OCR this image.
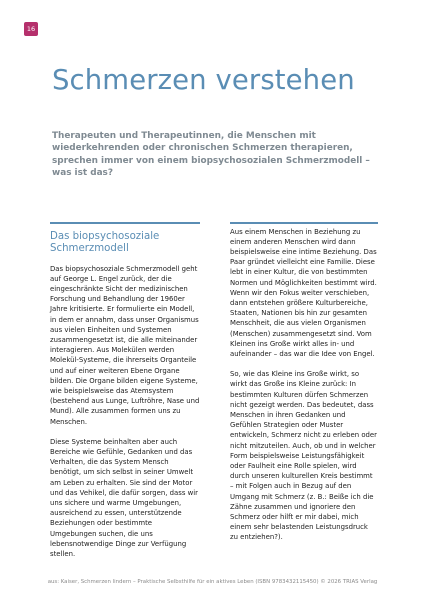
16
Schmerzen verstehen

Therapeuten und Therapeutinnen, die Menschen mit wiederkehrenden oder chronischen Schmerzen therapieren, sprechen immer von einem biopsychosozialen Schmerzmodell – was ist das?

Das biopsychosoziale Schmerzmodell

Das biopsychosoziale Schmerzmodell geht auf George L. Engel zurück, der die eingeschränkte Sicht der medizinischen Forschung und Behandlung der 1960er Jahre kritisierte. Er formulierte ein Modell, in dem er annahm, dass unser Organismus aus vielen Einheiten und Systemen zusammengesetzt ist, die alle miteinander interagieren. Aus Molekülen werden Molekül-Systeme, die ihrerseits Organteile und auf einer weiteren Ebene Organe bilden. Die Organe bilden eigene Systeme, wie beispielsweise das Atemsystem (bestehend aus Lunge, Luftröhre, Nase und Mund). Alle zusammen formen uns zu Menschen.

Diese Systeme beinhalten aber auch Bereiche wie Gefühle, Gedanken und das Verhalten, die das System Mensch benötigt, um sich selbst in seiner Umwelt am Leben zu erhalten. Sie sind der Motor und das Vehikel, die dafür sorgen, dass wir uns sichere und warme Umgebungen, ausreichend zu essen, unterstützende Beziehungen oder bestimmte Umgebungen suchen, die uns lebensnotwendige Dinge zur Verfügung stellen.

Aus einem Menschen in Beziehung zu einem anderen Menschen wird dann beispielsweise eine intime Beziehung. Das Paar gründet vielleicht eine Familie. Diese lebt in einer Kultur, die von bestimmten Normen und Möglichkeiten bestimmt wird. Wenn wir den Fokus weiter verschieben, dann entstehen größere Kulturbereiche, Staaten, Nationen bis hin zur gesamten Menschheit, die aus vielen Organismen (Menschen) zusammengesetzt sind. Vom Kleinen ins Große wirkt alles in- und aufeinander – das war die Idee von Engel.

So, wie das Kleine ins Große wirkt, so wirkt das Große ins Kleine zurück: In bestimmten Kulturen dürfen Schmerzen nicht gezeigt werden. Das bedeutet, dass Menschen in ihren Gedanken und Gefühlen Strategien oder Muster entwickeln, Schmerz nicht zu erleben oder nicht mitzuteilen. Auch, ob und in welcher Form beispielsweise Leistungsfähigkeit oder Faulheit eine Rolle spielen, wird durch unseren kulturellen Kreis bestimmt – mit Folgen auch in Bezug auf den Umgang mit Schmerz (z. B.: Beiße ich die Zähne zusammen und ignoriere den Schmerz oder hilft er mir dabei, mich einem sehr belastenden Leistungsdruck zu entziehen?).

aus: Kaiser, Schmerzen lindern – Praktische Selbsthilfe für ein aktives Leben (ISBN 9783432115450) © 2026 TRIAS Verlag
